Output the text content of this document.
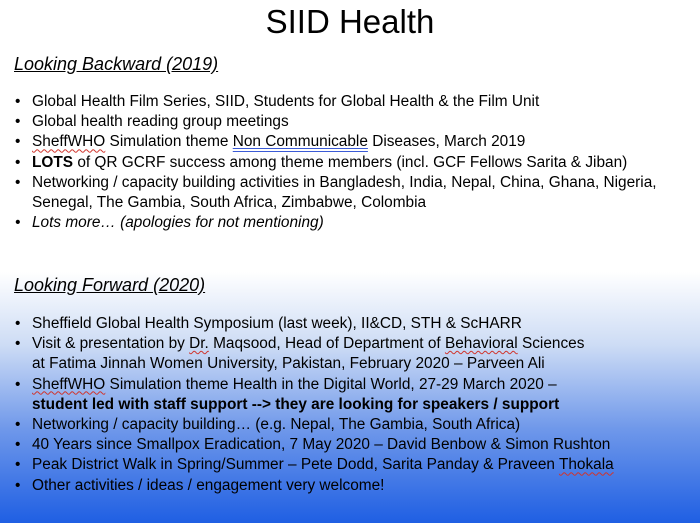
SIID Health
Looking Backward (2019)
• Global Health Film Series, SIID, Students for Global Health & the Film Unit
• Global health reading group meetings
• SheffWHO Simulation theme Non Communicable Diseases, March 2019
• LOTS of QR GCRF success among theme members (incl. GCF Fellows Sarita & Jiban)
• Networking / capacity building activities in Bangladesh, India, Nepal, China, Ghana, Nigeria, Senegal, The Gambia, South Africa, Zimbabwe, Colombia
• Lots more… (apologies for not mentioning)
Looking Forward (2020)
• Sheffield Global Health Symposium (last week), II&CD, STH & ScHARR
• Visit & presentation by Dr. Maqsood, Head of Department of Behavioral Sciences
at Fatima Jinnah Women University, Pakistan, February 2020 – Parveen Ali
• SheffWHO Simulation theme Health in the Digital World, 27-29 March 2020 –
student led with staff support --> they are looking for speakers / support
• Networking / capacity building… (e.g. Nepal, The Gambia, South Africa)
• 40 Years since Smallpox Eradication, 7 May 2020 – David Benbow & Simon Rushton
• Peak District Walk in Spring/Summer – Pete Dodd, Sarita Panday & Praveen Thokala
• Other activities / ideas / engagement very welcome!
